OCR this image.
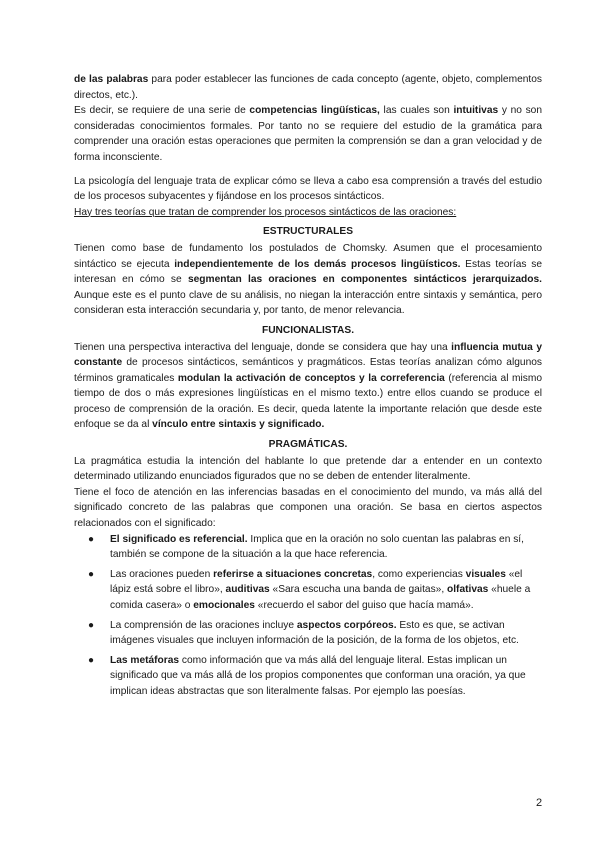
de las palabras para poder establecer las funciones de cada concepto (agente, objeto, complementos directos, etc.).

Es decir, se requiere de una serie de competencias lingüísticas, las cuales son intuitivas y no son consideradas conocimientos formales. Por tanto no se requiere del estudio de la gramática para comprender una oración estas operaciones que permiten la comprensión se dan a gran velocidad y de forma inconsciente.

La psicología del lenguaje trata de explicar cómo se lleva a cabo esa comprensión a través del estudio de los procesos subyacentes y fijándose en los procesos sintácticos.

Hay tres teorías que tratan de comprender los procesos sintácticos de las oraciones:

ESTRUCTURALES

Tienen como base de fundamento los postulados de Chomsky. Asumen que el procesamiento sintáctico se ejecuta independientemente de los demás procesos lingüísticos. Estas teorías se interesan en cómo se segmentan las oraciones en componentes sintácticos jerarquizados. Aunque este es el punto clave de su análisis, no niegan la interacción entre sintaxis y semántica, pero consideran esta interacción secundaria y, por tanto, de menor relevancia.

FUNCIONALISTAS.

Tienen una perspectiva interactiva del lenguaje, donde se considera que hay una influencia mutua y constante de procesos sintácticos, semánticos y pragmáticos. Estas teorías analizan cómo algunos términos gramaticales modulan la activación de conceptos y la correferencia (referencia al mismo tiempo de dos o más expresiones lingüísticas en el mismo texto.) entre ellos cuando se produce el proceso de comprensión de la oración. Es decir, queda latente la importante relación que desde este enfoque se da al vínculo entre sintaxis y significado.

PRAGMÁTICAS.

La pragmática estudia la intención del hablante lo que pretende dar a entender en un contexto determinado utilizando enunciados figurados que no se deben de entender literalmente.

Tiene el foco de atención en las inferencias basadas en el conocimiento del mundo, va más allá del significado concreto de las palabras que componen una oración. Se basa en ciertos aspectos relacionados con el significado:

● El significado es referencial. Implica que en la oración no solo cuentan las palabras en sí, también se compone de la situación a la que hace referencia.
● Las oraciones pueden referirse a situaciones concretas, como experiencias visuales «el lápiz está sobre el libro», auditivas «Sara escucha una banda de gaitas», olfativas «huele a comida casera» o emocionales «recuerdo el sabor del guiso que hacía mamá».
● La comprensión de las oraciones incluye aspectos corpóreos. Esto es que, se activan imágenes visuales que incluyen información de la posición, de la forma de los objetos, etc.
● Las metáforas como información que va más allá del lenguaje literal. Estas implican un significado que va más allá de los propios componentes que conforman una oración, ya que implican ideas abstractas que son literalmente falsas. Por ejemplo las poesías.
2
